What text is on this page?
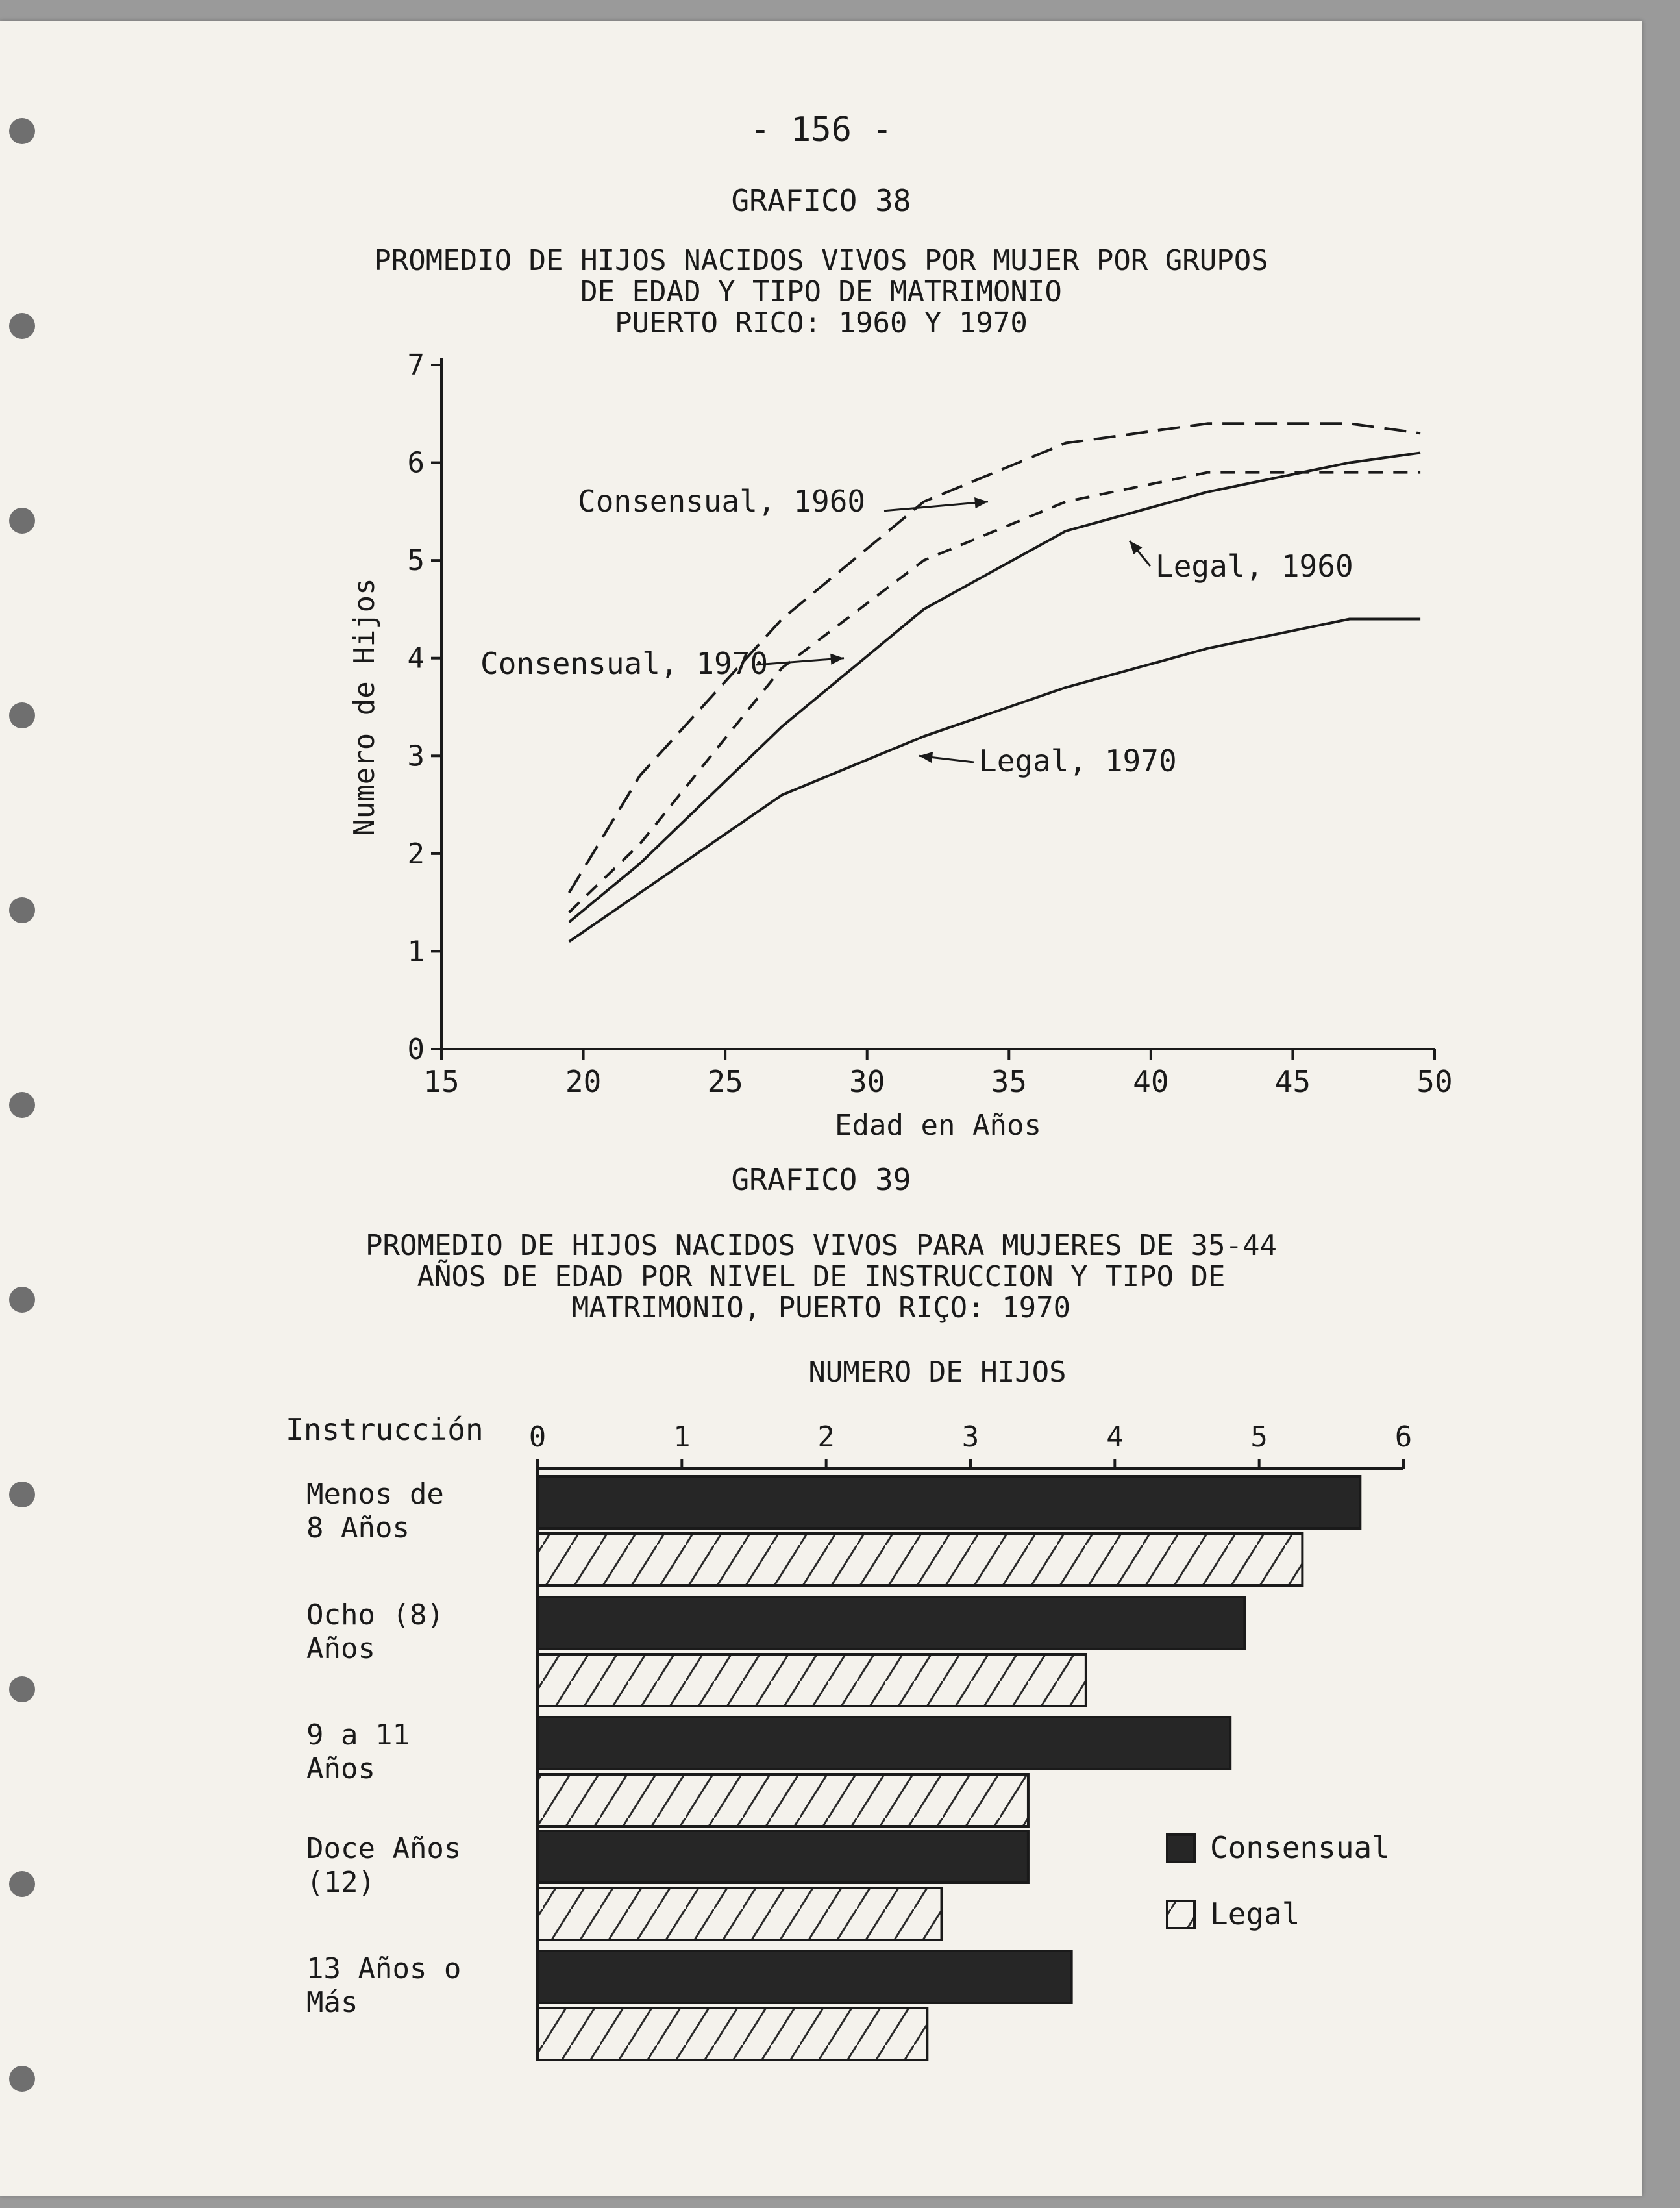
- 156 -
GRAFICO 38
PROMEDIO DE HIJOS NACIDOS VIVOS POR MUJER POR GRUPOS
DE EDAD Y TIPO DE MATRIMONIO
PUERTO RICO: 1960 Y 1970
GRAFICO 39
PROMEDIO DE HIJOS NACIDOS VIVOS PARA MUJERES DE 35-44
AÑOS DE EDAD POR NIVEL DE INSTRUCCION Y TIPO DE
MATRIMONIO, PUERTO RIÇO: 1970
0
1
2
3
4
5
6
7
15	20	25	30	35	40	45	50
Edad en Años
Numero de Hijos
Consensual, 1960
Legal, 1960
Consensual, 1970
Legal, 1970
NUMERO DE HIJOS
Instrucción 0	1	2	3	4	5	6
Menos de
8 Años
Ocho (8)
Años
9 a 11
Años
Doce Años
(12)
13 Años o
Más
Consensual
Legal
